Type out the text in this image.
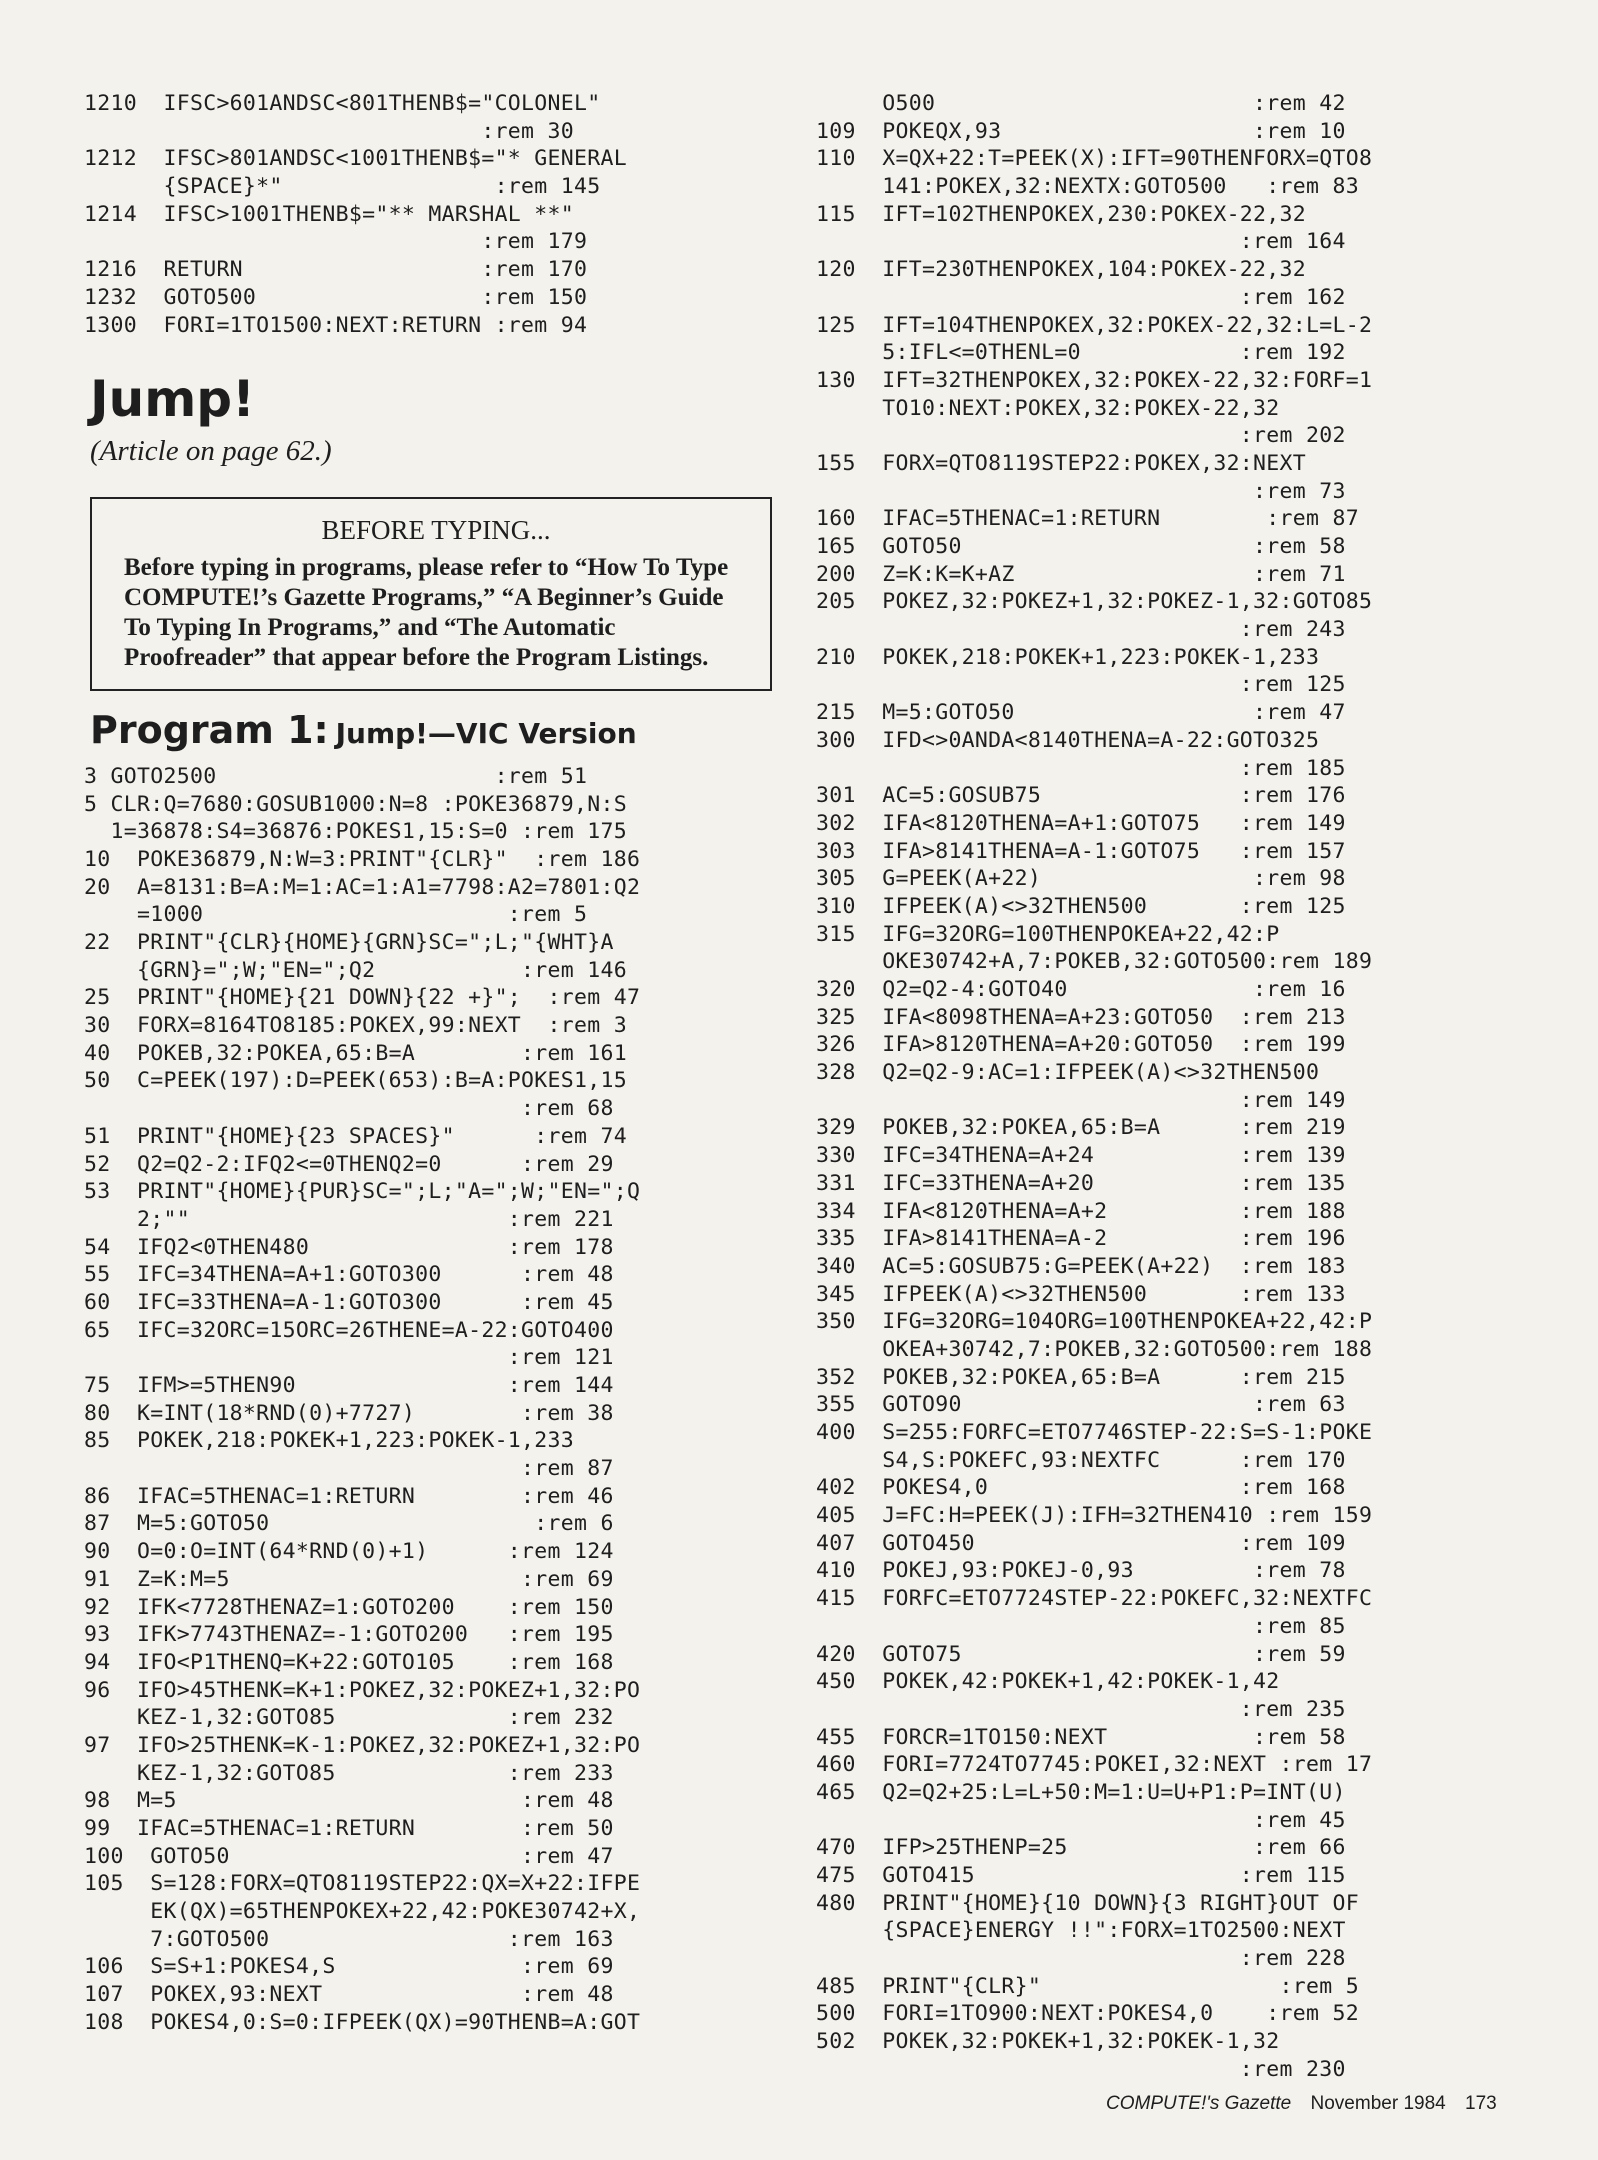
1210  IFSC>601ANDSC<801THENB$="COLONEL"
:rem 30
1212  IFSC>801ANDSC<1001THENB$="* GENERAL
{SPACE}*"                :rem 145
1214  IFSC>1001THENB$="** MARSHAL **"
:rem 179
1216  RETURN                  :rem 170
1232  GOTO500                 :rem 150
1300  FORI=1TO1500:NEXT:RETURN :rem 94
Jump!
(Article on page 62.)
BEFORE TYPING...
Before typing in programs, please refer to “How To Type COMPUTE!’s Gazette Programs,” “A Beginner’s Guide To Typing In Programs,” and “The Automatic Proofreader” that appear before the Program Listings.
Program 1: Jump!—VIC Version
3 GOTO2500                     :rem 51
5 CLR:Q=7680:GOSUB1000:N=8 :POKE36879,N:S
1=36878:S4=36876:POKES1,15:S=0 :rem 175
10  POKE36879,N:W=3:PRINT"{CLR}"  :rem 186
20  A=8131:B=A:M=1:AC=1:A1=7798:A2=7801:Q2
=1000                       :rem 5
22  PRINT"{CLR}{HOME}{GRN}SC=";L;"{WHT}A
{GRN}=";W;"EN=";Q2           :rem 146
25  PRINT"{HOME}{21 DOWN}{22 +}";  :rem 47
30  FORX=8164TO8185:POKEX,99:NEXT  :rem 3
40  POKEB,32:POKEA,65:B=A        :rem 161
50  C=PEEK(197):D=PEEK(653):B=A:POKES1,15
:rem 68
51  PRINT"{HOME}{23 SPACES}"      :rem 74
52  Q2=Q2-2:IFQ2<=0THENQ2=0      :rem 29
53  PRINT"{HOME}{PUR}SC=";L;"A=";W;"EN=";Q
2;""                        :rem 221
54  IFQ2<0THEN480               :rem 178
55  IFC=34THENA=A+1:GOTO300      :rem 48
60  IFC=33THENA=A-1:GOTO300      :rem 45
65  IFC=32ORC=15ORC=26THENE=A-22:GOTO400
:rem 121
75  IFM>=5THEN90                :rem 144
80  K=INT(18*RND(0)+7727)        :rem 38
85  POKEK,218:POKEK+1,223:POKEK-1,233
:rem 87
86  IFAC=5THENAC=1:RETURN        :rem 46
87  M=5:GOTO50                    :rem 6
90  O=0:O=INT(64*RND(0)+1)      :rem 124
91  Z=K:M=5                      :rem 69
92  IFK<7728THENAZ=1:GOTO200    :rem 150
93  IFK>7743THENAZ=-1:GOTO200   :rem 195
94  IFO<P1THENQ=K+22:GOTO105    :rem 168
96  IFO>45THENK=K+1:POKEZ,32:POKEZ+1,32:PO
KEZ-1,32:GOTO85             :rem 232
97  IFO>25THENK=K-1:POKEZ,32:POKEZ+1,32:PO
KEZ-1,32:GOTO85             :rem 233
98  M=5                          :rem 48
99  IFAC=5THENAC=1:RETURN        :rem 50
100  GOTO50                      :rem 47
105  S=128:FORX=QTO8119STEP22:QX=X+22:IFPE
EK(QX)=65THENPOKEX+22,42:POKE30742+X,
7:GOTO500                  :rem 163
106  S=S+1:POKES4,S              :rem 69
107  POKEX,93:NEXT               :rem 48
108  POKES4,0:S=0:IFPEEK(QX)=90THENB=A:GOT
O500                        :rem 42
109  POKEQX,93                   :rem 10
110  X=QX+22:T=PEEK(X):IFT=90THENFORX=QTO8
141:POKEX,32:NEXTX:GOTO500   :rem 83
115  IFT=102THENPOKEX,230:POKEX-22,32
:rem 164
120  IFT=230THENPOKEX,104:POKEX-22,32
:rem 162
125  IFT=104THENPOKEX,32:POKEX-22,32:L=L-2
5:IFL<=0THENL=0            :rem 192
130  IFT=32THENPOKEX,32:POKEX-22,32:FORF=1
TO10:NEXT:POKEX,32:POKEX-22,32
:rem 202
155  FORX=QTO8119STEP22:POKEX,32:NEXT
:rem 73
160  IFAC=5THENAC=1:RETURN        :rem 87
165  GOTO50                      :rem 58
200  Z=K:K=K+AZ                  :rem 71
205  POKEZ,32:POKEZ+1,32:POKEZ-1,32:GOTO85
:rem 243
210  POKEK,218:POKEK+1,223:POKEK-1,233
:rem 125
215  M=5:GOTO50                  :rem 47
300  IFD<>0ANDA<8140THENA=A-22:GOTO325
:rem 185
301  AC=5:GOSUB75               :rem 176
302  IFA<8120THENA=A+1:GOTO75   :rem 149
303  IFA>8141THENA=A-1:GOTO75   :rem 157
305  G=PEEK(A+22)                :rem 98
310  IFPEEK(A)<>32THEN500       :rem 125
315  IFG=32ORG=100THENPOKEA+22,42:P
OKE30742+A,7:POKEB,32:GOTO500:rem 189
320  Q2=Q2-4:GOTO40              :rem 16
325  IFA<8098THENA=A+23:GOTO50  :rem 213
326  IFA>8120THENA=A+20:GOTO50  :rem 199
328  Q2=Q2-9:AC=1:IFPEEK(A)<>32THEN500
:rem 149
329  POKEB,32:POKEA,65:B=A      :rem 219
330  IFC=34THENA=A+24           :rem 139
331  IFC=33THENA=A+20           :rem 135
334  IFA<8120THENA=A+2          :rem 188
335  IFA>8141THENA=A-2          :rem 196
340  AC=5:GOSUB75:G=PEEK(A+22)  :rem 183
345  IFPEEK(A)<>32THEN500       :rem 133
350  IFG=32ORG=104ORG=100THENPOKEA+22,42:P
OKEA+30742,7:POKEB,32:GOTO500:rem 188
352  POKEB,32:POKEA,65:B=A      :rem 215
355  GOTO90                      :rem 63
400  S=255:FORFC=ETO7746STEP-22:S=S-1:POKE
S4,S:POKEFC,93:NEXTFC      :rem 170
402  POKES4,0                   :rem 168
405  J=FC:H=PEEK(J):IFH=32THEN410 :rem 159
407  GOTO450                    :rem 109
410  POKEJ,93:POKEJ-0,93         :rem 78
415  FORFC=ETO7724STEP-22:POKEFC,32:NEXTFC
:rem 85
420  GOTO75                      :rem 59
450  POKEK,42:POKEK+1,42:POKEK-1,42
:rem 235
455  FORCR=1TO150:NEXT           :rem 58
460  FORI=7724TO7745:POKEI,32:NEXT :rem 17
465  Q2=Q2+25:L=L+50:M=1:U=U+P1:P=INT(U)
:rem 45
470  IFP>25THENP=25              :rem 66
475  GOTO415                    :rem 115
480  PRINT"{HOME}{10 DOWN}{3 RIGHT}OUT OF
{SPACE}ENERGY !!":FORX=1TO2500:NEXT
:rem 228
485  PRINT"{CLR}"                  :rem 5
500  FORI=1TO900:NEXT:POKES4,0    :rem 52
502  POKEK,32:POKEK+1,32:POKEK-1,32
:rem 230
COMPUTE!'s Gazette November 1984 173
